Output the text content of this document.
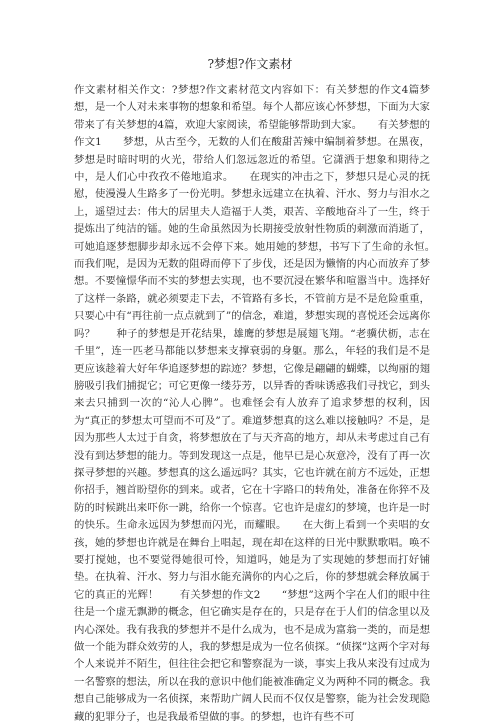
?梦想?作文素材

作文素材相关作文：?梦想?作文素材范文内容如下：有关梦想的作文4篇梦想，是一个人对未来事物的想象和希望。每个人都应该心怀梦想，下面为大家带来了有关梦想的4篇，欢迎大家阅读，希望能够帮助到大家。　　有关梦想的作文1　　梦想，从古至今，无数的人们在酸甜苦辣中编制着梦想。在黑夜，梦想是时暗时明的火光，带给人们忽远忽近的希望。它潇洒于想象和期待之中，是人们心中孜孜不倦地追求。　　在现实的冲击之下，梦想只是心灵的抚慰，使漫漫人生路多了一份光明。梦想永远建立在执着、汗水、努力与泪水之上，遥望过去：伟大的居里夫人造福于人类，艰苦、辛酸地奋斗了一生，终于提炼出了纯洁的镭。她的生命虽然因为长期接受放射性物质的刺激而消逝了，可她追逐梦想脚步却永远不会停下来。她用她的梦想，书写下了生命的永恒。　　而我们呢，是因为无数的阻碍而停下了步伐，还是因为懒惰的内心而放弃了梦想。不要憧憬华而不实的梦想去实现，也不要沉浸在繁华和喧嚣当中。选择好了这样一条路，就必须要走下去，不管路有多长，不管前方是不是危险重重，只要心中有“再往前一点点就到了”的信念，难道，梦想实现的喜悦还会远离你吗？　　种子的梦想是开花结果，雄鹰的梦想是展翅飞翔。“老骥伏枥，志在千里”，连一匹老马都能以梦想来支撑衰弱的身躯。那么，年轻的我们是不是更应该趁着大好年华追逐梦想的踪迹？梦想，它像是翩翩的蝴蝶，以绚丽的翅膀吸引我们捕捉它；可它更像一缕芬芳，以异香的香味诱惑我们寻找它，到头来去只捕到一次的“沁人心脾”。也难怪会有人放弃了追求梦想的权利，因为“真正的梦想太可望而不可及”了。难道梦想真的这么难以接触吗？不是，是因为那些人太过于自贪，将梦想放在了与天齐高的地方，却从未考虑过自己有没有到达梦想的能力。等到发现这一点是，他早已是心灰意冷，没有了再一次探寻梦想的兴趣。梦想真的这么遥远吗？其实，它也许就在前方不远处，正想你招手，翘首盼望你的到来。或者，它在十字路口的转角处，准备在你猝不及防的时候跳出来吓你一跳，给你一个惊喜。它也许是虚幻的梦境，也许是一时的快乐。生命永远因为梦想而闪光，而耀眼。　　在大街上看到一个卖唱的女孩，她的梦想也许就是在舞台上唱起，现在却在这样的日光中默默歌唱。唤不要打搅她，也不要觉得她很可怜，知道吗，她是为了实现她的梦想而打好铺垫。在执着、汗水、努力与泪水能充满你的内心之后，你的梦想就会释放属于它的真正的光辉！　　有关梦想的作文2　　“梦想”这两个字在人们的眼中往往是一个虚无飘渺的概念，但它确实是存在的，只是存在于人们的信念里以及内心深处。我有我我的梦想并不是什么成为，也不是成为富翁一类的，而是想做一个能为群众效劳的人，我的梦想是成为一位名侦探。“侦探”这两个字对每个人来说并不陌生，但往往会把它和警察混为一谈，事实上我从来没有过成为一名警察的想法，所以在我的意识中他们能被准确定义为两种不同的概念。我想自己能够成为一名侦探，来帮助广阔人民而不仅仅是警察，能为社会发现隐藏的犯罪分子，也是我最希望做的事。的梦想，也许有些不可
